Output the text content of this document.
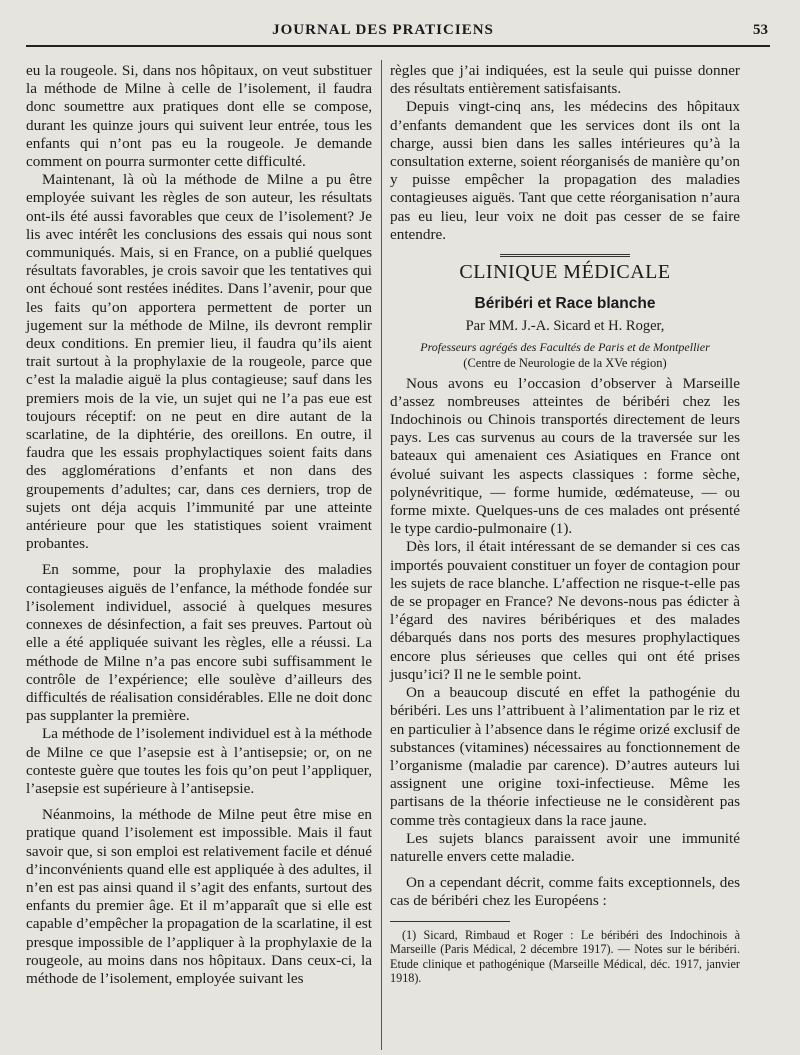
JOURNAL DES PRATICIENS	53

eu la rougeole. Si, dans nos hôpitaux, on veut substituer la méthode de Milne à celle de l’isolement, il faudra donc soumettre aux pratiques dont elle se compose, durant les quinze jours qui suivent leur entrée, tous les enfants qui n’ont pas eu la rougeole. Je demande comment on pourra surmonter cette difficulté.

Maintenant, là où la méthode de Milne a pu être employée suivant les règles de son auteur, les résultats ont-ils été aussi favorables que ceux de l’isolement? Je lis avec intérêt les conclusions des essais qui nous sont communiqués. Mais, si en France, on a publié quelques résultats favorables, je crois savoir que les tentatives qui ont échoué sont restées inédites. Dans l’avenir, pour que les faits qu’on apportera permettent de porter un jugement sur la méthode de Milne, ils devront remplir deux conditions. En premier lieu, il faudra qu’ils aient trait surtout à la prophylaxie de la rougeole, parce que c’est la maladie aiguë la plus contagieuse; sauf dans les premiers mois de la vie, un sujet qui ne l’a pas eue est toujours réceptif: on ne peut en dire autant de la scarlatine, de la diphtérie, des oreillons. En outre, il faudra que les essais prophylactiques soient faits dans des agglomérations d’enfants et non dans des groupements d’adultes; car, dans ces derniers, trop de sujets ont déja acquis l’immunité par une atteinte antérieure pour que les statistiques soient vraiment probantes.

En somme, pour la prophylaxie des maladies contagieuses aiguës de l’enfance, la méthode fondée sur l’isolement individuel, associé à quelques mesures connexes de désinfection, a fait ses preuves. Partout où elle a été appliquée suivant les règles, elle a réussi. La méthode de Milne n’a pas encore subi suffisamment le contrôle de l’expérience; elle soulève d’ailleurs des difficultés de réalisation considérables. Elle ne doit donc pas supplanter la première.

La méthode de l’isolement individuel est à la méthode de Milne ce que l’asepsie est à l’antisepsie; or, on ne conteste guère que toutes les fois qu’on peut l’appliquer, l’asepsie est supérieure à l’antisepsie.

Néanmoins, la méthode de Milne peut être mise en pratique quand l’isolement est impossible. Mais il faut savoir que, si son emploi est relativement facile et dénué d’inconvénients quand elle est appliquée à des adultes, il n’en est pas ainsi quand il s’agit des enfants, surtout des enfants du premier âge. Et il m’apparaît que si elle est capable d’empêcher la propagation de la scarlatine, il est presque impossible de l’appliquer à la prophylaxie de la rougeole, au moins dans nos hôpitaux. Dans ceux-ci, la méthode de l’isolement, employée suivant les

règles que j’ai indiquées, est la seule qui puisse donner des résultats entièrement satisfaisants.

Depuis vingt-cinq ans, les médecins des hôpitaux d’enfants demandent que les services dont ils ont la charge, aussi bien dans les salles intérieures qu’à la consultation externe, soient réorganisés de manière qu’on y puisse empêcher la propagation des maladies contagieuses aiguës. Tant que cette réorganisation n’aura pas eu lieu, leur voix ne doit pas cesser de se faire entendre.

CLINIQUE MÉDICALE
Béribéri et Race blanche
Par MM. J.-A. Sicard et H. Roger,
Professeurs agrégés des Facultés de Paris et de Montpellier
(Centre de Neurologie de la XVe région)

Nous avons eu l’occasion d’observer à Marseille d’assez nombreuses atteintes de béribéri chez les Indochinois ou Chinois transportés directement de leurs pays. Les cas survenus au cours de la traversée sur les bateaux qui amenaient ces Asiatiques en France ont évolué suivant les aspects classiques : forme sèche, polynévritique, — forme humide, œdémateuse, — ou forme mixte. Quelques-uns de ces malades ont présenté le type cardio-pulmonaire (1).

Dès lors, il était intéressant de se demander si ces cas importés pouvaient constituer un foyer de contagion pour les sujets de race blanche. L’affection ne risque-t-elle pas de se propager en France? Ne devons-nous pas édicter à l’égard des navires béribériques et des malades débarqués dans nos ports des mesures prophylactiques encore plus sérieuses que celles qui ont été prises jusqu’ici? Il ne le semble point.

On a beaucoup discuté en effet la pathogénie du béribéri. Les uns l’attribuent à l’alimentation par le riz et en particulier à l’absence dans le régime orizé exclusif de substances (vitamines) nécessaires au fonctionnement de l’organisme (maladie par carence). D’autres auteurs lui assignent une origine toxi-infectieuse. Même les partisans de la théorie infectieuse ne le considèrent pas comme très contagieux dans la race jaune.

Les sujets blancs paraissent avoir une immunité naturelle envers cette maladie.

On a cependant décrit, comme faits exceptionnels, des cas de béribéri chez les Européens :

(1) Sicard, Rimbaud et Roger : Le béribéri des Indochinois à Marseille (Paris Médical, 2 décembre 1917). — Notes sur le béribéri. Etude clinique et pathogénique (Marseille Médical, déc. 1917, janvier 1918).
